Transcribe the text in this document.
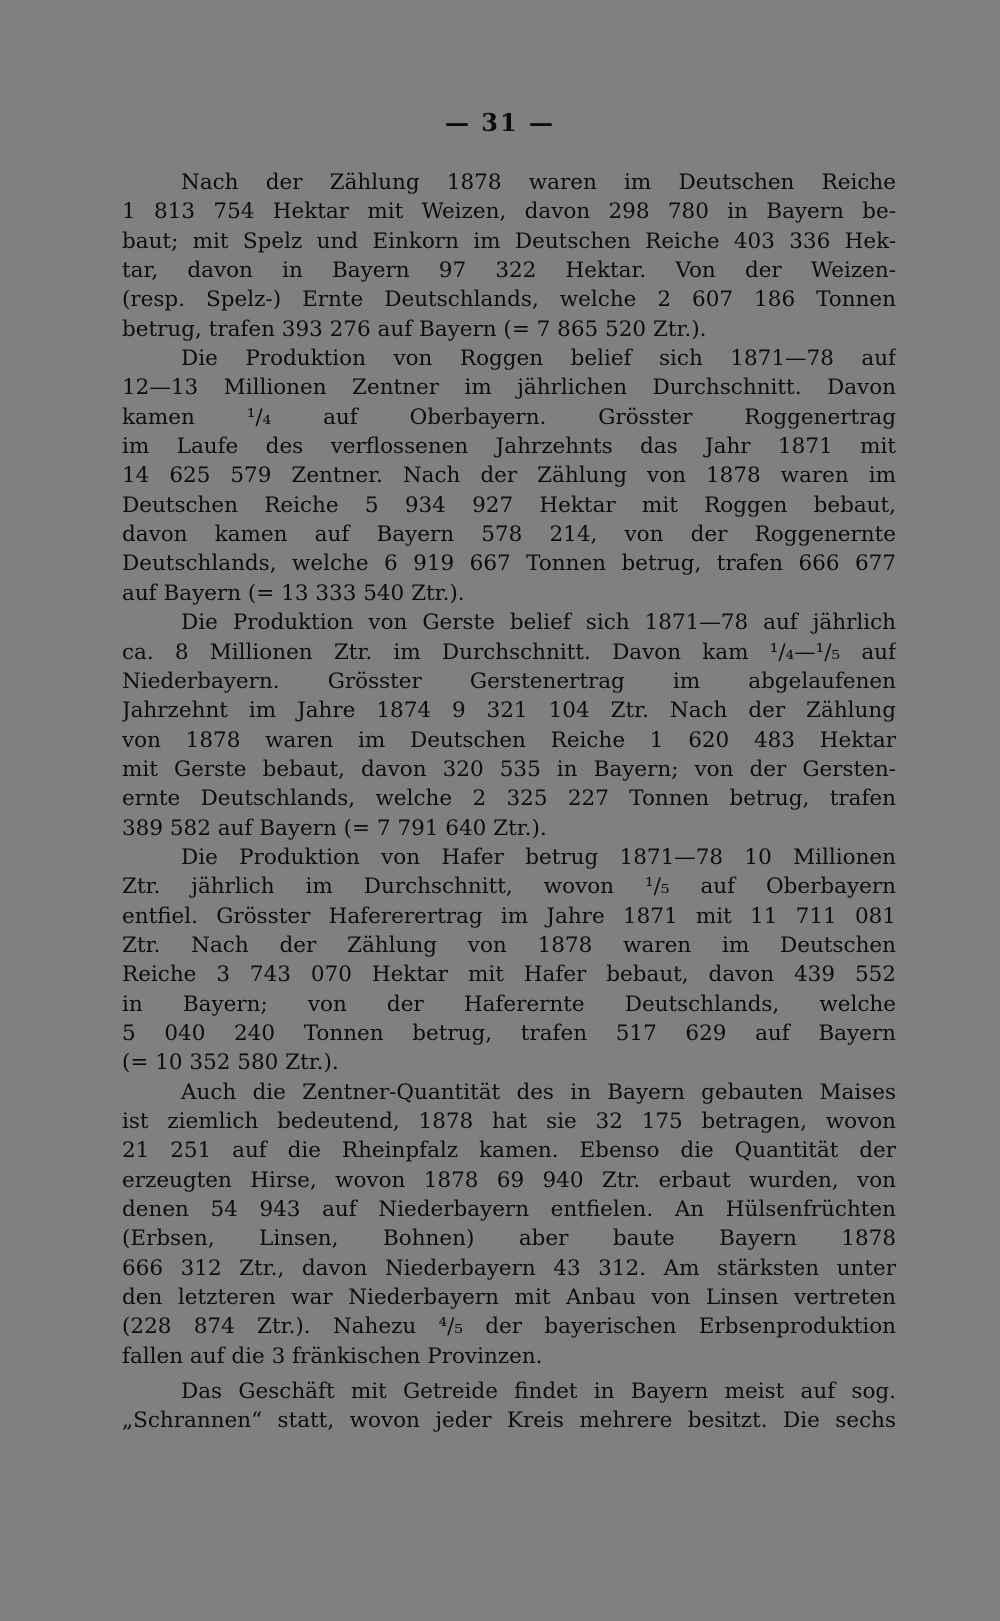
— 31 —
Nach der Zählung 1878 waren im Deutschen Reiche
1 813 754 Hektar mit Weizen, davon 298 780 in Bayern be-
baut; mit Spelz und Einkorn im Deutschen Reiche 403 336 Hek-
tar, davon in Bayern 97 322 Hektar. Von der Weizen-
(resp. Spelz-) Ernte Deutschlands, welche 2 607 186 Tonnen
betrug, trafen 393 276 auf Bayern (= 7 865 520 Ztr.).
Die Produktion von Roggen belief sich 1871—78 auf
12—13 Millionen Zentner im jährlichen Durchschnitt. Davon
kamen ¹/₄ auf Oberbayern. Grösster Roggenertrag
im Laufe des verflossenen Jahrzehnts das Jahr 1871 mit
14 625 579 Zentner. Nach der Zählung von 1878 waren im
Deutschen Reiche 5 934 927 Hektar mit Roggen bebaut,
davon kamen auf Bayern 578 214, von der Roggenernte
Deutschlands, welche 6 919 667 Tonnen betrug, trafen 666 677
auf Bayern (= 13 333 540 Ztr.).
Die Produktion von Gerste belief sich 1871—78 auf jährlich
ca. 8 Millionen Ztr. im Durchschnitt. Davon kam ¹/₄—¹/₅ auf
Niederbayern. Grösster Gerstenertrag im abgelaufenen
Jahrzehnt im Jahre 1874 9 321 104 Ztr. Nach der Zählung
von 1878 waren im Deutschen Reiche 1 620 483 Hektar
mit Gerste bebaut, davon 320 535 in Bayern; von der Gersten-
ernte Deutschlands, welche 2 325 227 Tonnen betrug, trafen
389 582 auf Bayern (= 7 791 640 Ztr.).
Die Produktion von Hafer betrug 1871—78 10 Millionen
Ztr. jährlich im Durchschnitt, wovon ¹/₅ auf Oberbayern
entfiel. Grösster Hafererertrag im Jahre 1871 mit 11 711 081
Ztr. Nach der Zählung von 1878 waren im Deutschen
Reiche 3 743 070 Hektar mit Hafer bebaut, davon 439 552
in Bayern; von der Haferernte Deutschlands, welche
5 040 240 Tonnen betrug, trafen 517 629 auf Bayern
(= 10 352 580 Ztr.).
Auch die Zentner-Quantität des in Bayern gebauten Maises
ist ziemlich bedeutend, 1878 hat sie 32 175 betragen, wovon
21 251 auf die Rheinpfalz kamen. Ebenso die Quantität der
erzeugten Hirse, wovon 1878 69 940 Ztr. erbaut wurden, von
denen 54 943 auf Niederbayern entfielen. An Hülsenfrüchten
(Erbsen, Linsen, Bohnen) aber baute Bayern 1878
666 312 Ztr., davon Niederbayern 43 312. Am stärksten unter
den letzteren war Niederbayern mit Anbau von Linsen vertreten
(228 874 Ztr.). Nahezu ⁴/₅ der bayerischen Erbsenproduktion
fallen auf die 3 fränkischen Provinzen.
Das Geschäft mit Getreide findet in Bayern meist auf sog.
„Schrannen“ statt, wovon jeder Kreis mehrere besitzt. Die sechs
